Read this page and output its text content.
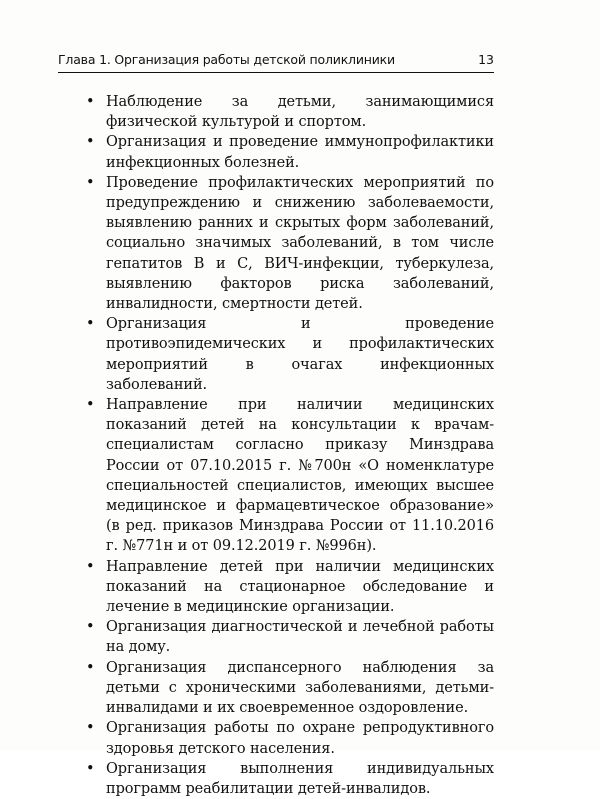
Глава 1. Организация работы детской поликлиники	13
• Наблюдение за детьми, занимающимися физической культурой и спортом.
• Организация и проведение иммунопрофилактики инфекционных болезней.
• Проведение профилактических мероприятий по предупреждению и снижению заболеваемости, выявлению ранних и скрытых форм заболеваний, социально значимых заболеваний, в том числе гепатитов В и С, ВИЧ-инфекции, туберкулеза, выявлению факторов риска заболеваний, инвалидности, смертности детей.
• Организация и проведение противоэпидемических и профилактических мероприятий в очагах инфекционных заболеваний.
• Направление при наличии медицинских показаний детей на консультации к врачам-специалистам согласно приказу Минздрава России от 07.10.2015 г. №700н «О номенклатуре специальностей специалистов, имеющих высшее медицинское и фармацевтическое образование» (в ред. приказов Минздрава России от 11.10.2016 г. №771н и от 09.12.2019 г. №996н).
• Направление детей при наличии медицинских показаний на стационарное обследование и лечение в медицинские организации.
• Организация диагностической и лечебной работы на дому.
• Организация диспансерного наблюдения за детьми с хроническими заболеваниями, детьми-инвалидами и их своевременное оздоровление.
• Организация работы по охране репродуктивного здоровья детского населения.
• Организация выполнения индивидуальных программ реабилитации детей-инвалидов.
